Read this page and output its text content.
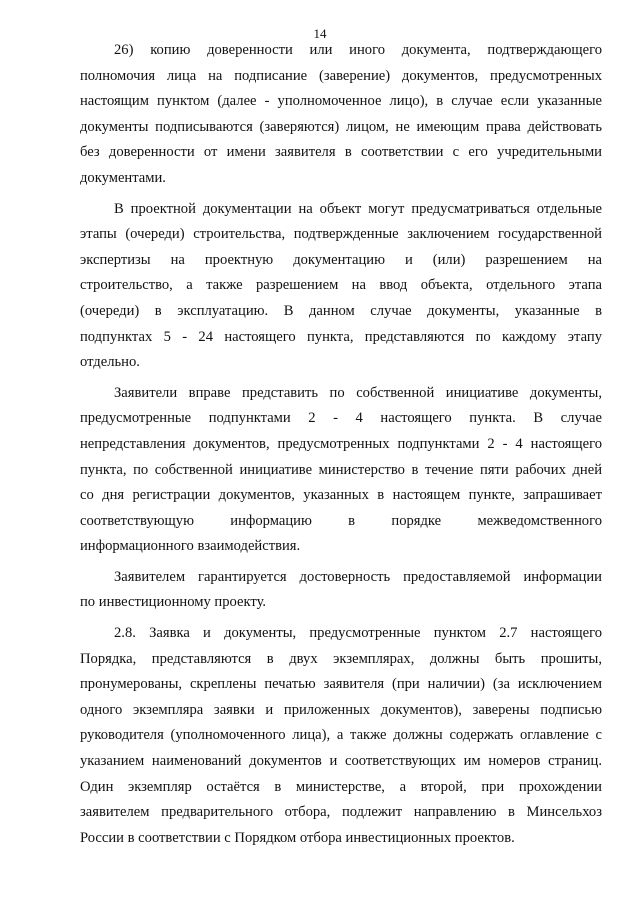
14

26) копию доверенности или иного документа, подтверждающего
полномочия лица на подписание (заверение) документов, предусмотренных
настоящим пунктом (далее - уполномоченное лицо), в случае если указанные
документы подписываются (заверяются) лицом, не имеющим права действовать
без доверенности от имени заявителя в соответствии с его учредительными
документами.

В проектной документации на объект могут предусматриваться отдельные
этапы (очереди) строительства, подтвержденные заключением государственной
экспертизы на проектную документацию и (или) разрешением на
строительство, а также разрешением на ввод объекта, отдельного этапа
(очереди) в эксплуатацию. В данном случае документы, указанные в
подпунктах 5 - 24 настоящего пункта, представляются по каждому этапу
отдельно.

Заявители вправе представить по собственной инициативе документы,
предусмотренные подпунктами 2 - 4 настоящего пункта. В случае
непредставления документов, предусмотренных подпунктами 2 - 4 настоящего
пункта, по собственной инициативе министерство в течение пяти рабочих дней
со дня регистрации документов, указанных в настоящем пункте, запрашивает
соответствующую информацию в порядке межведомственного
информационного взаимодействия.

Заявителем гарантируется достоверность предоставляемой информации
по инвестиционному проекту.

2.8. Заявка и документы, предусмотренные пунктом 2.7 настоящего
Порядка, представляются в двух экземплярах, должны быть прошиты,
пронумерованы, скреплены печатью заявителя (при наличии) (за исключением
одного экземпляра заявки и приложенных документов), заверены подписью
руководителя (уполномоченного лица), а также должны содержать оглавление с
указанием наименований документов и соответствующих им номеров страниц.
Один экземпляр остаётся в министерстве, а второй, при прохождении
заявителем предварительного отбора, подлежит направлению в Минсельхоз
России в соответствии с Порядком отбора инвестиционных проектов.
